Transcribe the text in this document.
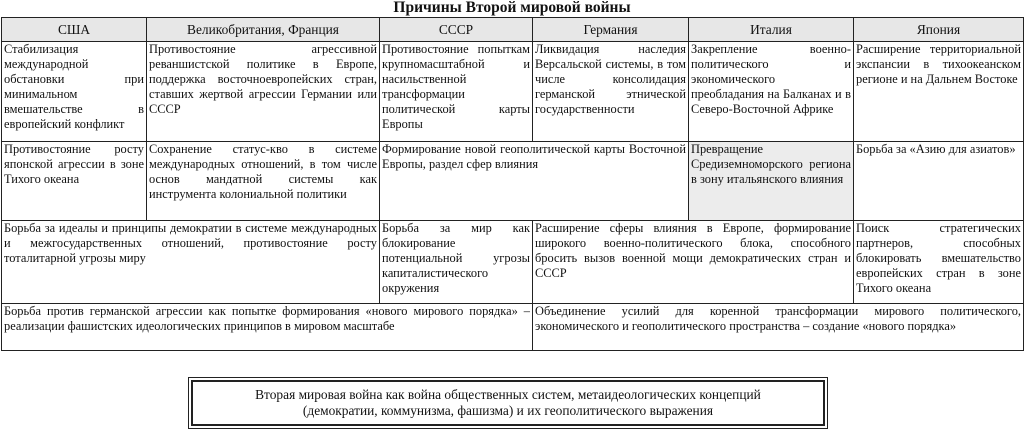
Причины Второй мировой войны
США	Великобритания, Франция	СССР	Германия	Италия	Япония
Стабилизация международной обстановки при минимальном вмешательстве в европейский конфликт	Противостояние агрессивной реваншистской политике в Европе, поддержка восточноевропейских стран, ставших жертвой агрессии Германии или СССР	Противостояние попыткам крупномасштабной и насильственной трансформации политической карты Европы	Ликвидация наследия Версальской системы, в том числе консолидация германской этнической государственности	Закрепление военно-политического и экономического преобладания на Балканах и в Северо-Восточной Африке	Расширение территориальной экспансии в тихоокеанском регионе и на Дальнем Востоке
Противостояние росту японской агрессии в зоне Тихого океана	Сохранение статус-кво в системе международных отношений, в том числе основ мандатной системы как инструмента колониальной политики	Формирование новой геополитической карты Восточной Европы, раздел сфер влияния		Превращение Средиземноморского региона в зону итальянского влияния	Борьба за «Азию для азиатов»
Борьба за идеалы и принципы демократии в системе международных и межгосударственных отношений, противостояние росту тоталитарной угрозы миру		Борьба за мир как блокирование потенциальной угрозы капиталистического окружения	Расширение сферы влияния в Европе, формирование широкого военно-политического блока, способного бросить вызов военной мощи демократических стран и СССР		Поиск стратегических партнеров, способных блокировать вмешательство европейских стран в зоне Тихого океана
Борьба против германской агрессии как попытке формирования «нового мирового порядка» – реализации фашистских идеологических принципов в мировом масштабе			Объединение усилий для коренной трансформации мирового политического, экономического и геополитического пространства – создание «нового порядка»		
Вторая мировая война как война общественных систем, метаидеологических концепций
(демократии, коммунизма, фашизма) и их геополитического выражения
